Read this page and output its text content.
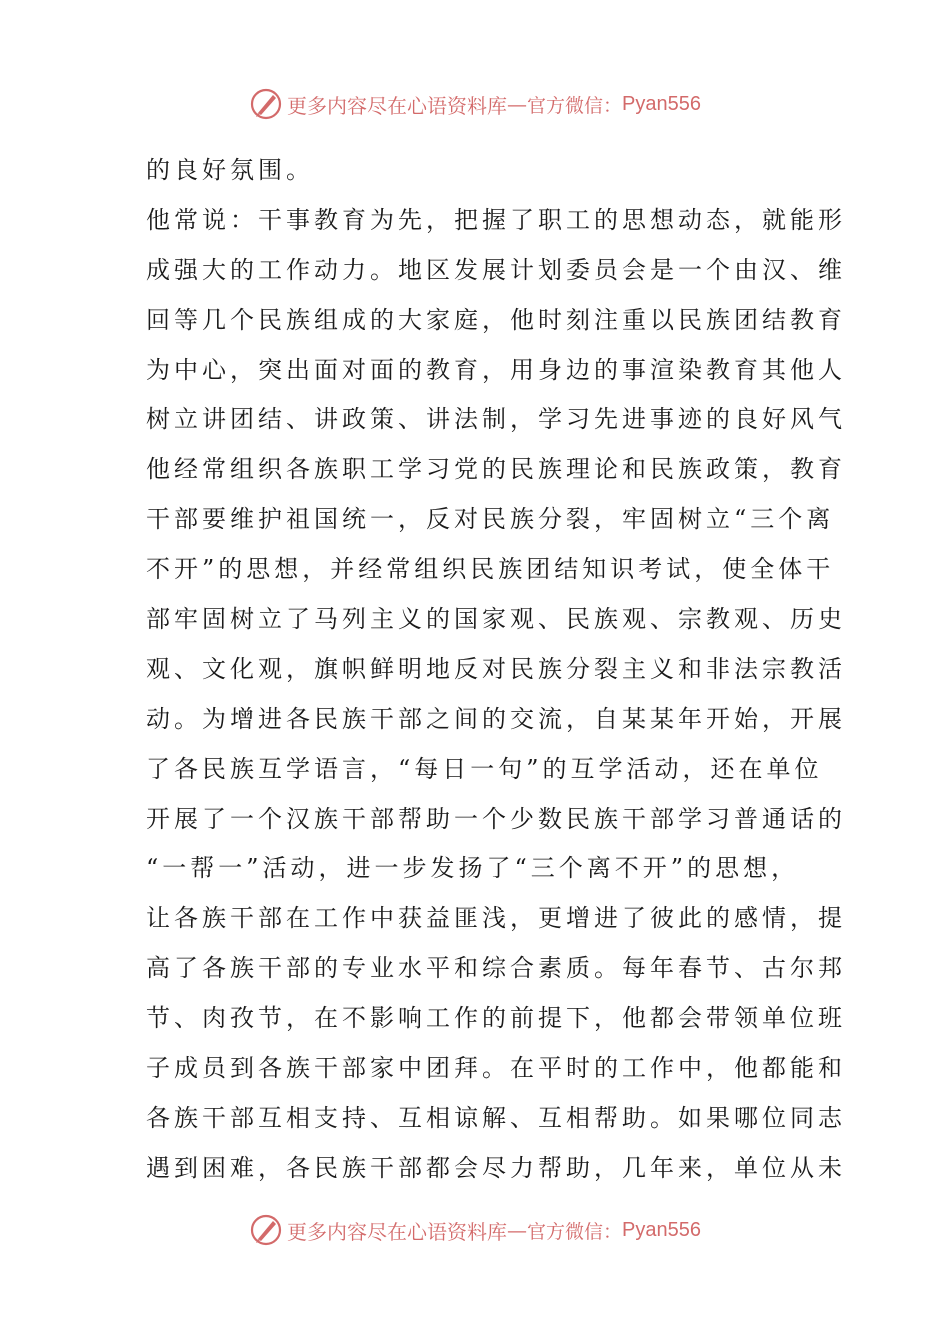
更多内容尽在心语资料库 — 官方微信： Pyan556
的良好氛围。
他常说：干事教育为先，把握了职工的思想动态，就能形
成强大的工作动力。地区发展计划委员会是一个由汉、维
回等几个民族组成的大家庭，他时刻注重以民族团结教育
为中心，突出面对面的教育，用身边的事渲染教育其他人
树立讲团结、讲政策、讲法制，学习先进事迹的良好风气
他经常组织各族职工学习党的民族理论和民族政策，教育
干部要维护祖国统一，反对民族分裂，牢固树立“三个离
不开”的思想，并经常组织民族团结知识考试，使全体干
部牢固树立了马列主义的国家观、民族观、宗教观、历史
观、文化观，旗帜鲜明地反对民族分裂主义和非法宗教活
动。为增进各民族干部之间的交流，自某某年开始，开展
了各民族互学语言，“每日一句”的互学活动，还在单位
开展了一个汉族干部帮助一个少数民族干部学习普通话的
“一帮一”活动，进一步发扬了“三个离不开”的思想，
让各族干部在工作中获益匪浅，更增进了彼此的感情，提
高了各族干部的专业水平和综合素质。每年春节、古尔邦
节、肉孜节，在不影响工作的前提下，他都会带领单位班
子成员到各族干部家中团拜。在平时的工作中，他都能和
各族干部互相支持、互相谅解、互相帮助。如果哪位同志
遇到困难，各民族干部都会尽力帮助，几年来，单位从未
更多内容尽在心语资料库 — 官方微信： Pyan556
